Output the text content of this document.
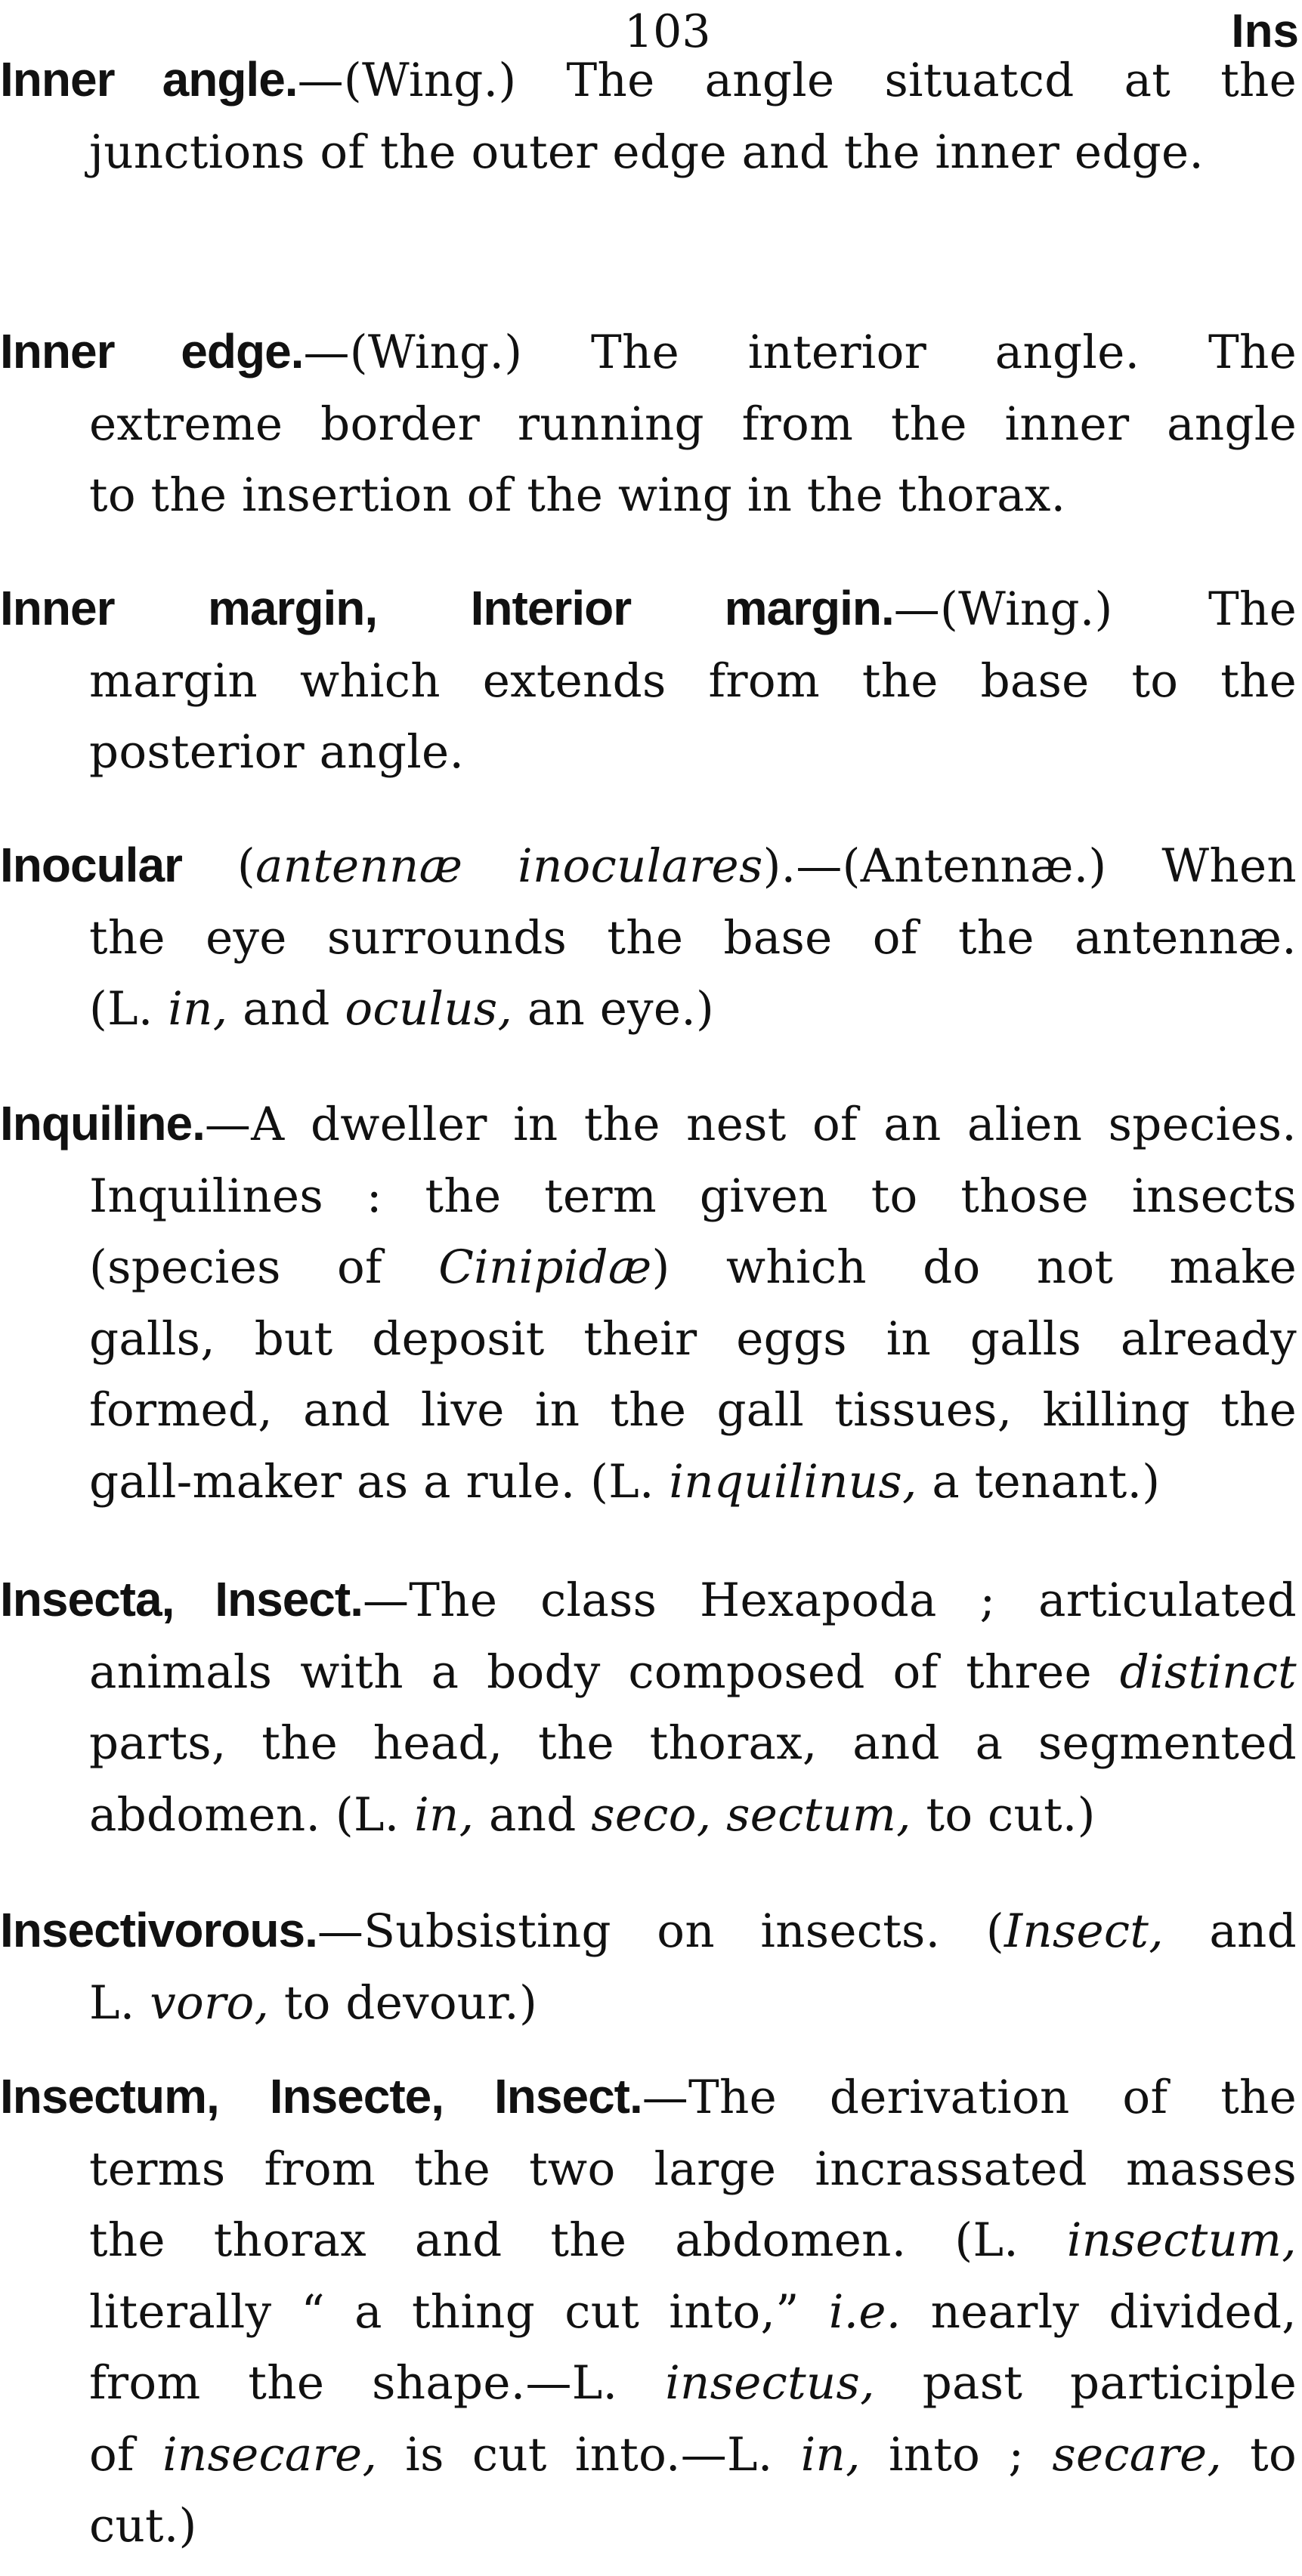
103	Ins
Inner angle.—(Wing.) The angle situatcd at the
junctions of the outer edge and the inner edge.
Inner edge.—(Wing.) The interior angle. The
extreme border running from the inner angle
to the insertion of the wing in the thorax.
Inner margin, Interior margin.—(Wing.) The
margin which extends from the base to the
posterior angle.
Inocular (antennæ inoculares).—(Antennæ.) When
the eye surrounds the base of the antennæ.
(L. in, and oculus, an eye.)
Inquiline.—A dweller in the nest of an alien species.
Inquilines : the term given to those insects
(species of Cinipidæ) which do not make
galls, but deposit their eggs in galls already
formed, and live in the gall tissues, killing the
gall-maker as a rule. (L. inquilinus, a tenant.)
Insecta, Insect.—The class Hexapoda ; articulated
animals with a body composed of three distinct
parts, the head, the thorax, and a segmented
abdomen. (L. in, and seco, sectum, to cut.)
Insectivorous.—Subsisting on insects. (Insect, and
L. voro, to devour.)
Insectum, Insecte, Insect.—The derivation of the
terms from the two large incrassated masses
the thorax and the abdomen. (L. insectum,
literally “ a thing cut into,” i.e. nearly divided,
from the shape.—L. insectus, past participle
of insecare, is cut into.—L. in, into ; secare, to
cut.)
